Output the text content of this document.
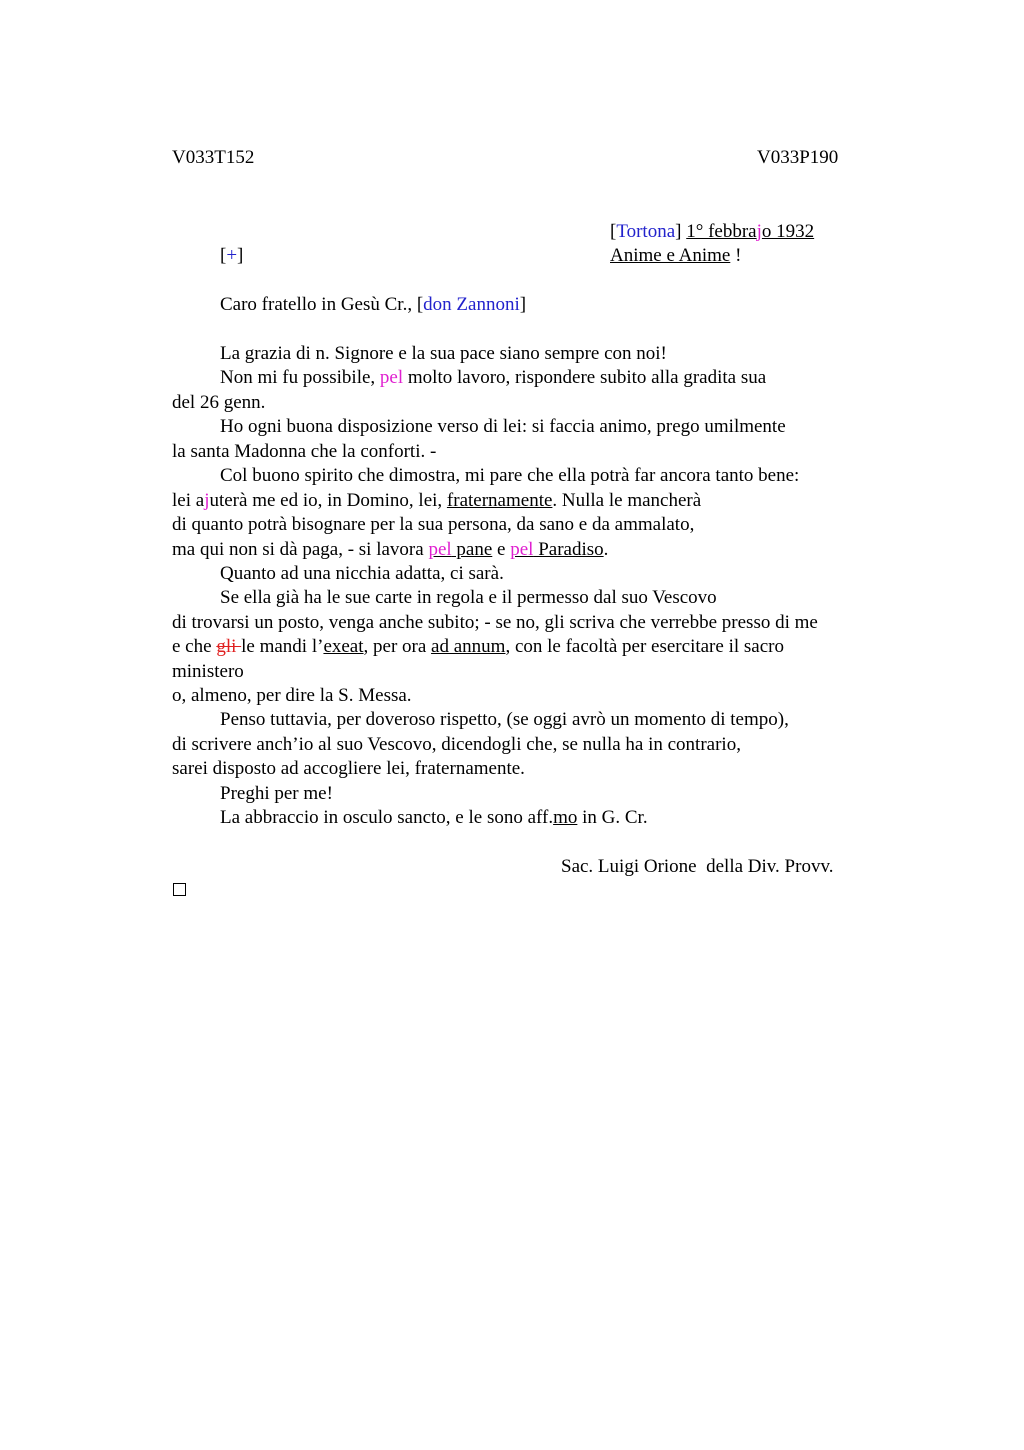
V033T152	V033P190
[Tortona] 1° febbrajo 1932
[+]	Anime e Anime !
Caro fratello in Gesù Cr., [don Zannoni]
La grazia di n. Signore e la sua pace siano sempre con noi!
Non mi fu possibile, pel molto lavoro, rispondere subito alla gradita sua
del 26 genn.
Ho ogni buona disposizione verso di lei: si faccia animo, prego umilmente
la santa Madonna che la conforti. -
Col buono spirito che dimostra, mi pare che ella potrà far ancora tanto bene:
lei ajuterà me ed io, in Domino, lei, fraternamente. Nulla le mancherà
di quanto potrà bisognare per la sua persona, da sano e da ammalato,
ma qui non si dà paga, - si lavora pel pane e pel Paradiso.
Quanto ad una nicchia adatta, ci sarà.
Se ella già ha le sue carte in regola e il permesso dal suo Vescovo
di trovarsi un posto, venga anche subito; - se no, gli scriva che verrebbe presso di me
e che gli le mandi l’exeat, per ora ad annum, con le facoltà per esercitare il sacro
ministero
o, almeno, per dire la S. Messa.
Penso tuttavia, per doveroso rispetto, (se oggi avrò un momento di tempo),
di scrivere anch’io al suo Vescovo, dicendogli che, se nulla ha in contrario,
sarei disposto ad accogliere lei, fraternamente.
Preghi per me!
La abbraccio in osculo sancto, e le sono aff.mo in G. Cr.
Sac. Luigi Orione  della Div. Provv.
